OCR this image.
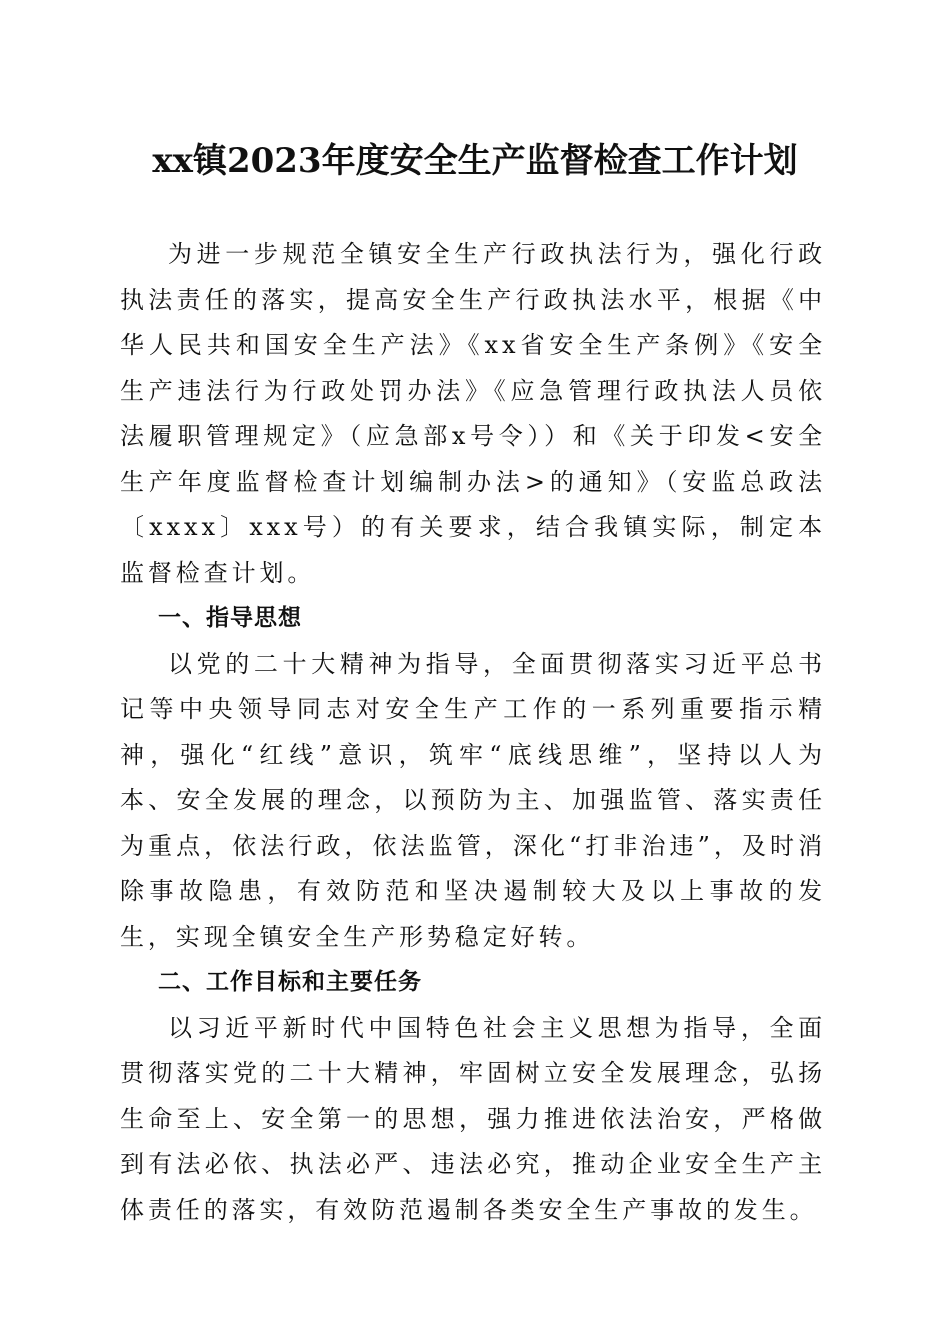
xx镇2023年度安全生产监督检查工作计划

为进一步规范全镇安全生产行政执法行为，强化行政执法责任的落实，提高安全生产行政执法水平，根据《中华人民共和国安全生产法》《xx省安全生产条例》《安全生产违法行为行政处罚办法》《应急管理行政执法人员依法履职管理规定》（应急部x号令））和《关于印发<安全生产年度监督检查计划编制办法>的通知》（安监总政法〔xxxx〕xxx号）的有关要求，结合我镇实际，制定本监督检查计划。

一、指导思想

以党的二十大精神为指导，全面贯彻落实习近平总书记等中央领导同志对安全生产工作的一系列重要指示精神，强化“红线”意识，筑牢“底线思维”，坚持以人为本、安全发展的理念，以预防为主、加强监管、落实责任为重点，依法行政，依法监管，深化“打非治违”，及时消除事故隐患，有效防范和坚决遏制较大及以上事故的发生，实现全镇安全生产形势稳定好转。

二、工作目标和主要任务

以习近平新时代中国特色社会主义思想为指导，全面贯彻落实党的二十大精神，牢固树立安全发展理念，弘扬生命至上、安全第一的思想，强力推进依法治安，严格做到有法必依、执法必严、违法必究，推动企业安全生产主体责任的落实，有效防范遏制各类安全生产事故的发生。
